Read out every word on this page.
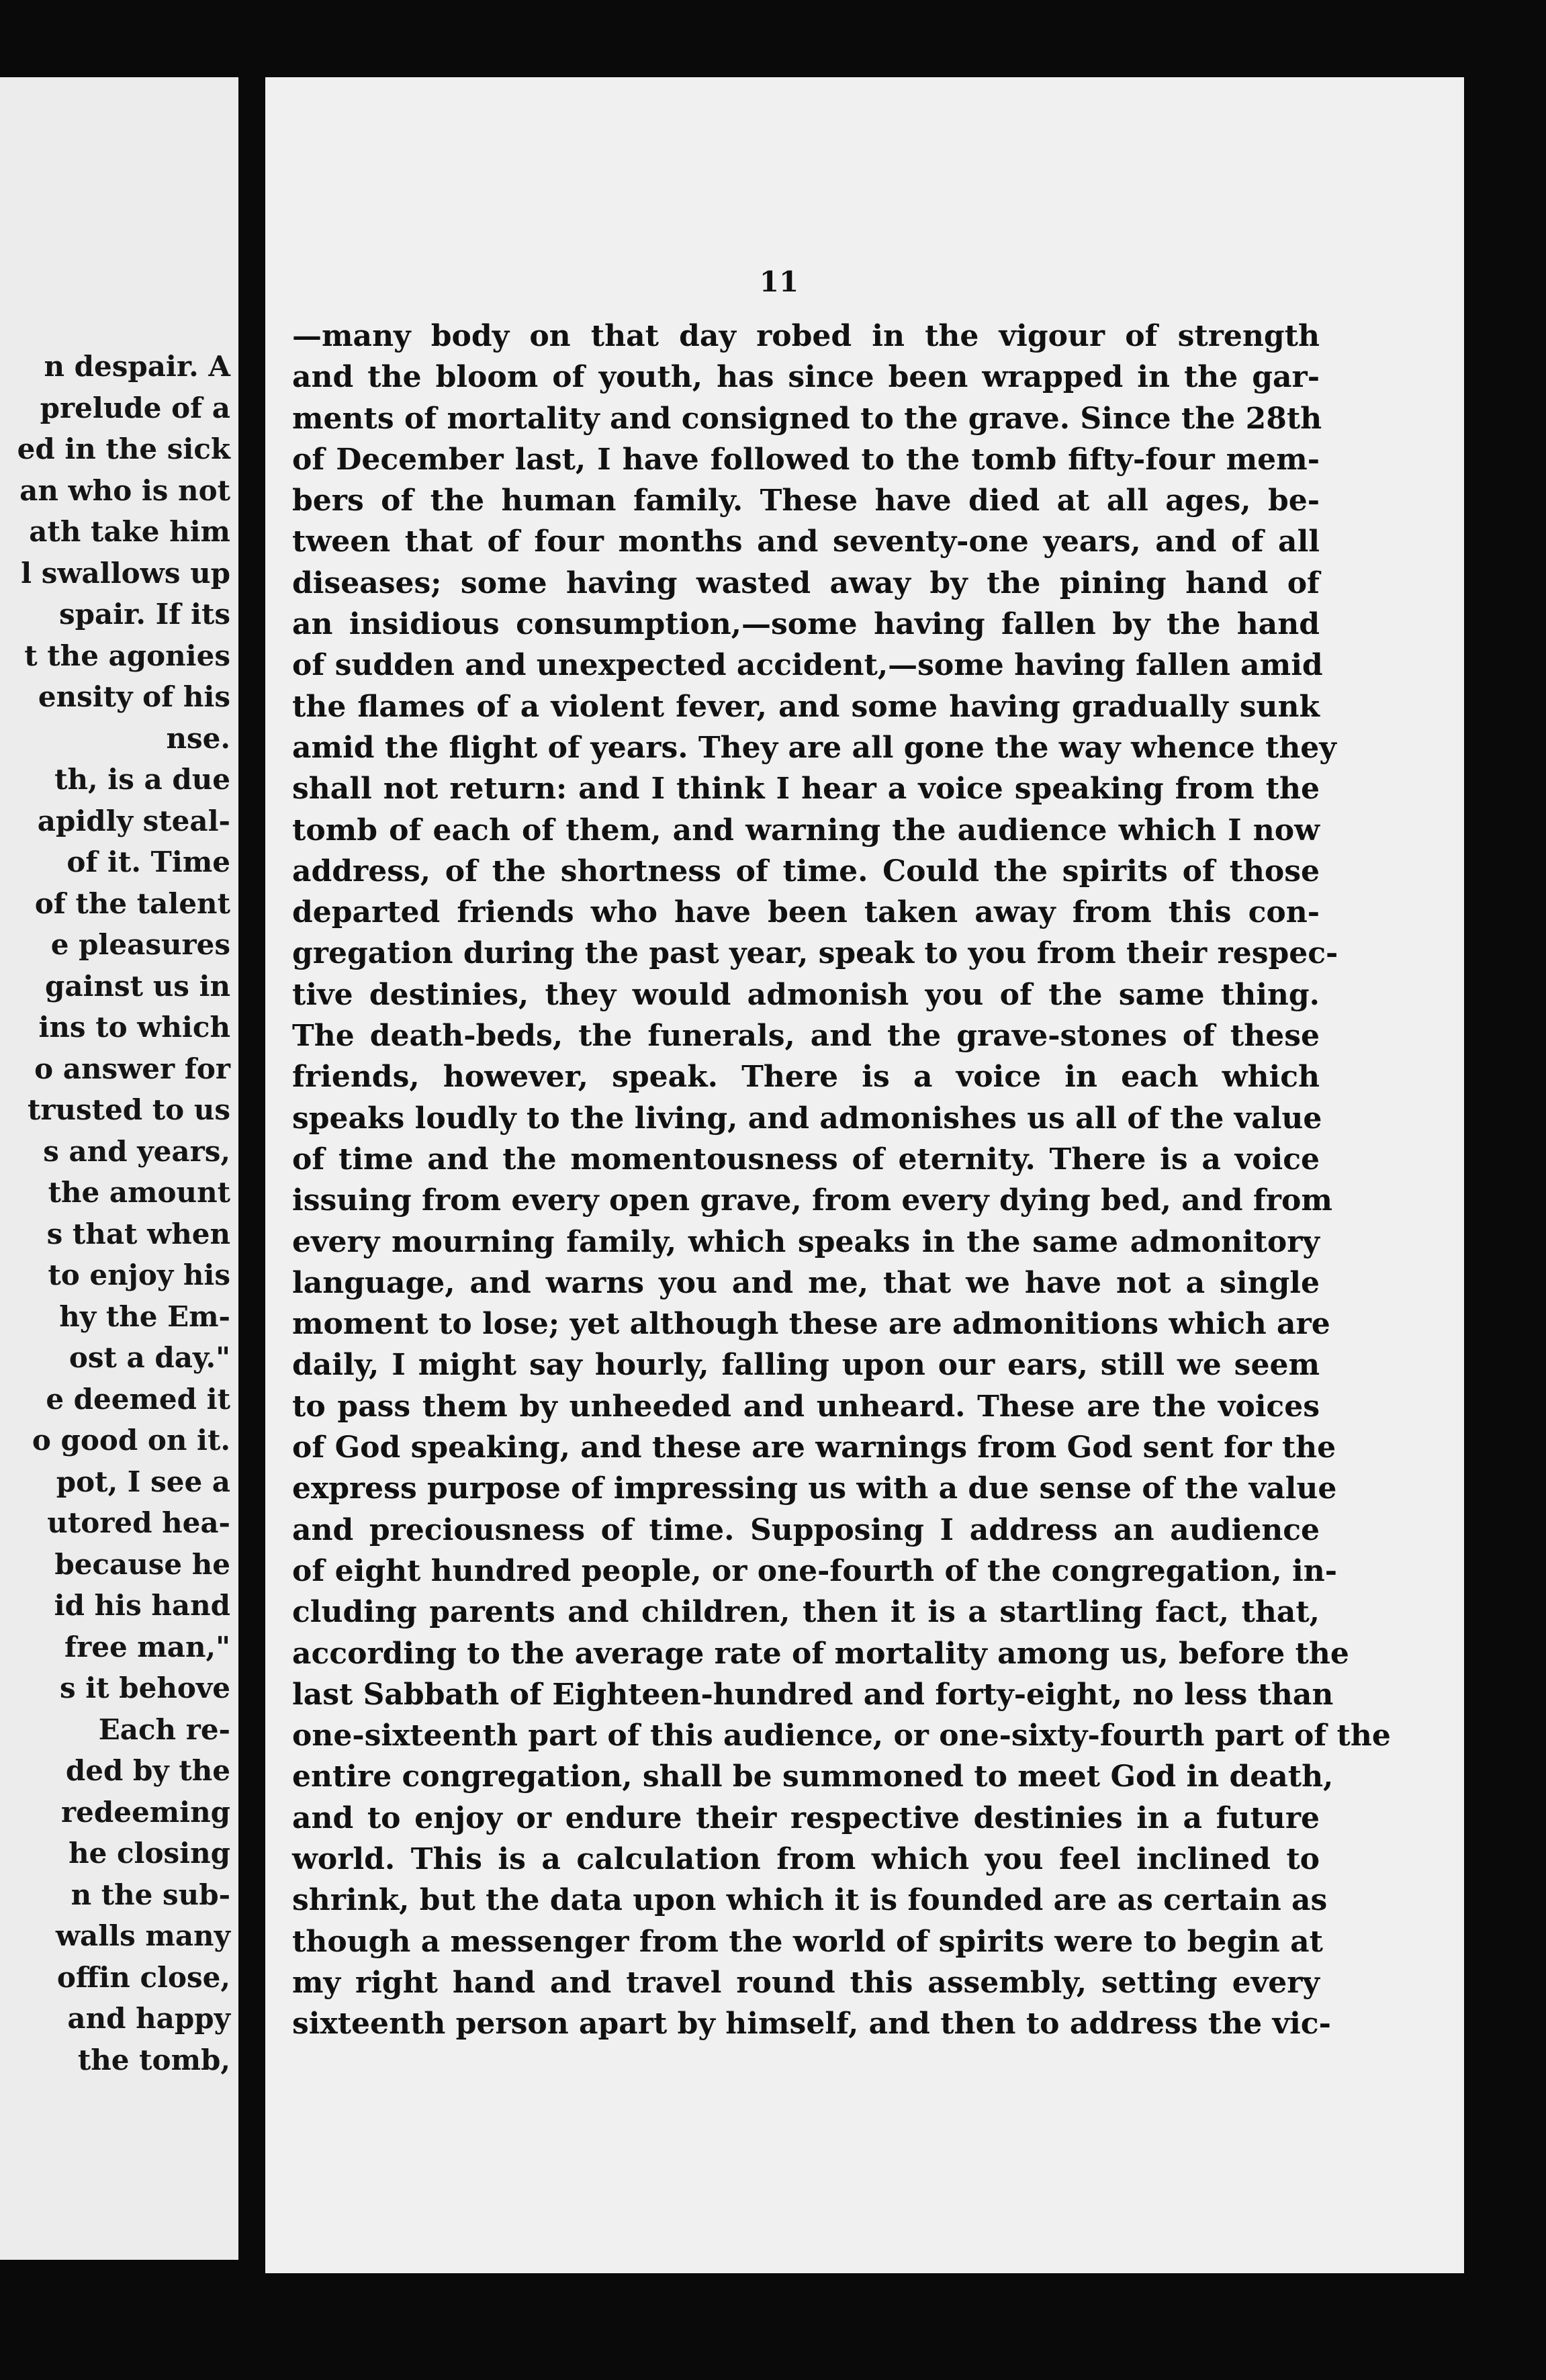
n despair. A
prelude of a
ed in the sick
an who is not
ath take him
l swallows up
spair. If its
t the agonies
ensity of his
nse.
th, is a due
apidly steal-
of it. Time
of the talent
e pleasures
gainst us in
ins to which
o answer for
trusted to us
s and years,
the amount
s that when
to enjoy his
hy the Em-
ost a day."
e deemed it
o good on it.
pot, I see a
utored hea-
because he
id his hand
free man,"
s it behove
Each re-
ded by the
redeeming
he closing
n the sub-
walls many
offin close,
and happy
the tomb,
11
—many body on that day robed in the vigour of strength
and the bloom of youth, has since been wrapped in the gar-
ments of mortality and consigned to the grave. Since the 28th
of December last, I have followed to the tomb fifty-four mem-
bers of the human family. These have died at all ages, be-
tween that of four months and seventy-one years, and of all
diseases; some having wasted away by the pining hand of
an insidious consumption,—some having fallen by the hand
of sudden and unexpected accident,—some having fallen amid
the flames of a violent fever, and some having gradually sunk
amid the flight of years. They are all gone the way whence they
shall not return: and I think I hear a voice speaking from the
tomb of each of them, and warning the audience which I now
address, of the shortness of time. Could the spirits of those
departed friends who have been taken away from this con-
gregation during the past year, speak to you from their respec-
tive destinies, they would admonish you of the same thing.
The death-beds, the funerals, and the grave-stones of these
friends, however, speak. There is a voice in each which
speaks loudly to the living, and admonishes us all of the value
of time and the momentousness of eternity. There is a voice
issuing from every open grave, from every dying bed, and from
every mourning family, which speaks in the same admonitory
language, and warns you and me, that we have not a single
moment to lose; yet although these are admonitions which are
daily, I might say hourly, falling upon our ears, still we seem
to pass them by unheeded and unheard. These are the voices
of God speaking, and these are warnings from God sent for the
express purpose of impressing us with a due sense of the value
and preciousness of time. Supposing I address an audience
of eight hundred people, or one-fourth of the congregation, in-
cluding parents and children, then it is a startling fact, that,
according to the average rate of mortality among us, before the
last Sabbath of Eighteen-hundred and forty-eight, no less than
one-sixteenth part of this audience, or one-sixty-fourth part of the
entire congregation, shall be summoned to meet God in death,
and to enjoy or endure their respective destinies in a future
world. This is a calculation from which you feel inclined to
shrink, but the data upon which it is founded are as certain as
though a messenger from the world of spirits were to begin at
my right hand and travel round this assembly, setting every
sixteenth person apart by himself, and then to address the vic-
